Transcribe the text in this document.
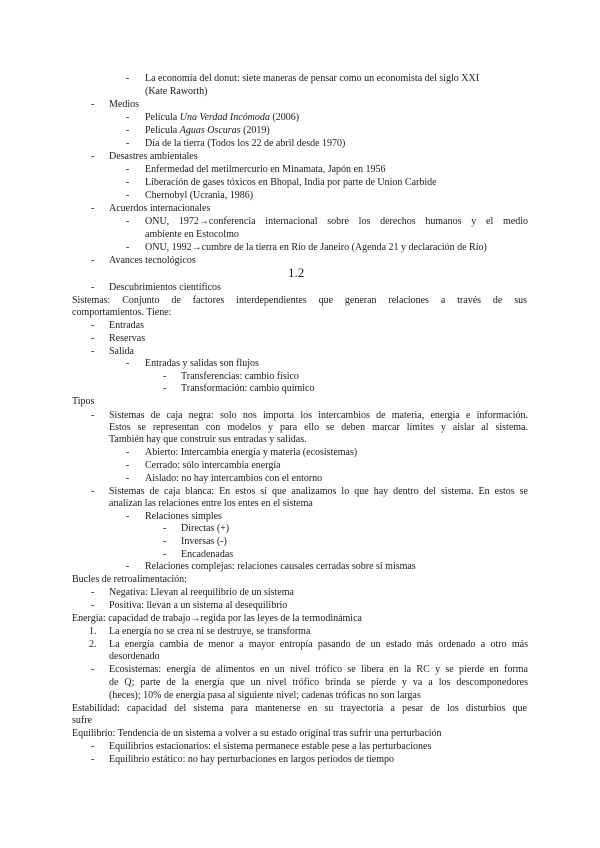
- La economía del donut: siete maneras de pensar como un economista del siglo XXI
(Kate Raworth)
- Medios
- Película Una Verdad Incómoda (2006)
- Película Aguas Oscuras (2019)
- Día de la tierra (Todos los 22 de abril desde 1970)
- Desastres ambientales
- Enfermedad del metilmercurio en Minamata, Japón en 1956
- Liberación de gases tóxicos en Bhopal, India por parte de Union Carbide
- Chernobyl (Ucrania, 1986)
- Acuerdos internacionales
- ONU, 1972→conferencia internacional sobre los derechos humanos y el medio
ambiente en Estocolmo
- ONU, 1992→cumbre de la tierra en Río de Janeiro (Agenda 21 y declaración de Río)
- Avances tecnológicos
1.2
- Descubrimientos científicos
Sistemas: Conjunto de factores interdependientes que generan relaciones a través de sus
comportamientos. Tiene:
- Entradas
- Reservas
- Salida
- Entradas y salidas son flujos
- Transferencias: cambio físico
- Transformación: cambio químico
Tipos
- Sistemas de caja negra: solo nos importa los intercambios de materia, energía e información.
Estos se representan con modelos y para ello se deben marcar límites y aislar al sistema.
También hay que construir sus entradas y salidas.
- Abierto: Intercambia energía y materia (ecosistemas)
- Cerrado: sólo intercambia energía
- Aislado: no hay intercambios con el entorno
- Sistemas de caja blanca: En estos sí que analizamos lo que hay dentro del sistema. En estos se
analizan las relaciones entre los entes en el sistema
- Relaciones simples
- Directas (+)
- Inversas (-)
- Encadenadas
- Relaciones complejas: relaciones causales cerradas sobre sí mismas
Bucles de retroalimentación:
- Negativa: Llevan al reequilibrio de un sistema
- Positiva: llevan a un sistema al desequilibrio
Energía: capacidad de trabajo→regida por las leyes de la termodinámica
1. La energía no se crea ni se destruye, se transforma
2. La energía cambia de menor a mayor entropía pasando de un estado más ordenado a otro más
desordenado
- Ecosistemas: energía de alimentos en un nivel trófico se libera en la RC y se pierde en forma
de Q; parte de la energía que un nivel trófico brinda se pierde y va a los descomponedores
(heces); 10% de energía pasa al siguiente nivel; cadenas tróficas no son largas
Estabilidad: capacidad del sistema para mantenerse en su trayectoria a pesar de los disturbios que
sufre
Equilibrio: Tendencia de un sistema a volver a su estado original tras sufrir una perturbación
- Equilibrios estacionarios: el sistema permanece estable pese a las perturbaciones
- Equilibrio estático: no hay perturbaciones en largos períodos de tiempo
